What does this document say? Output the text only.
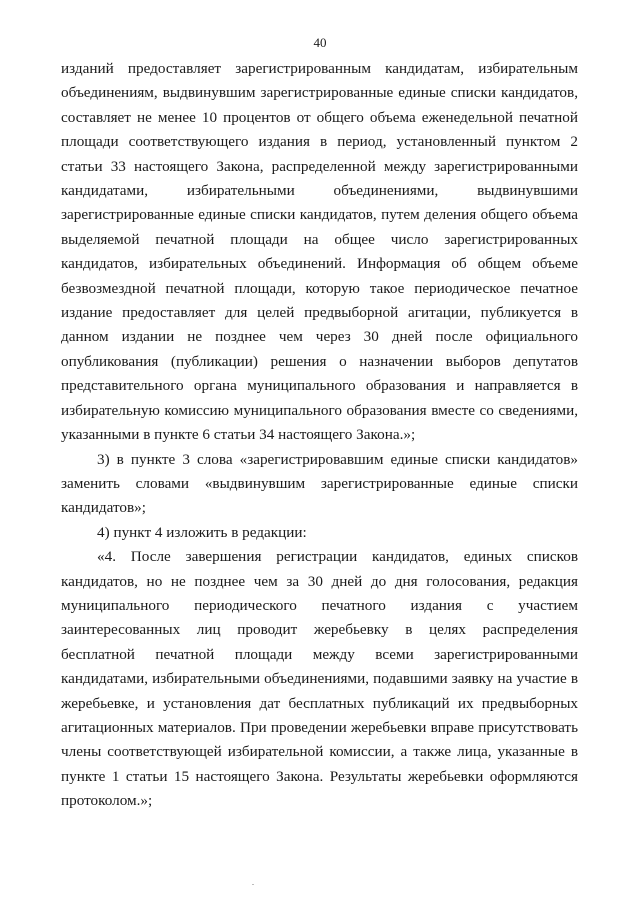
40

изданий предоставляет зарегистрированным кандидатам, избирательным объединениям, выдвинувшим зарегистрированные единые списки кандидатов, составляет не менее 10 процентов от общего объема еженедельной печатной площади соответствующего издания в период, установленный пунктом 2 статьи 33 настоящего Закона, распределенной между зарегистрированными кандидатами, избирательными объединениями, выдвинувшими зарегистрированные единые списки кандидатов, путем деления общего объема выделяемой печатной площади на общее число зарегистрированных кандидатов, избирательных объединений. Информация об общем объеме безвозмездной печатной площади, которую такое периодическое печатное издание предоставляет для целей предвыборной агитации, публикуется в данном издании не позднее чем через 30 дней после официального опубликования (публикации) решения о назначении выборов депутатов представительного органа муниципального образования и направляется в избирательную комиссию муниципального образования вместе со сведениями, указанными в пункте 6 статьи 34 настоящего Закона.»;

3) в пункте 3 слова «зарегистрировавшим единые списки кандидатов» заменить словами «выдвинувшим зарегистрированные единые списки кандидатов»;

4) пункт 4 изложить в редакции:

«4. После завершения регистрации кандидатов, единых списков кандидатов, но не позднее чем за 30 дней до дня голосования, редакция муниципального периодического печатного издания с участием заинтересованных лиц проводит жеребьевку в целях распределения бесплатной печатной площади между всеми зарегистрированными кандидатами, избирательными объединениями, подавшими заявку на участие в жеребьевке, и установления дат бесплатных публикаций их предвыборных агитационных материалов. При проведении жеребьевки вправе присутствовать члены соответствующей избирательной комиссии, а также лица, указанные в пункте 1 статьи 15 настоящего Закона. Результаты жеребьевки оформляются протоколом.»;
